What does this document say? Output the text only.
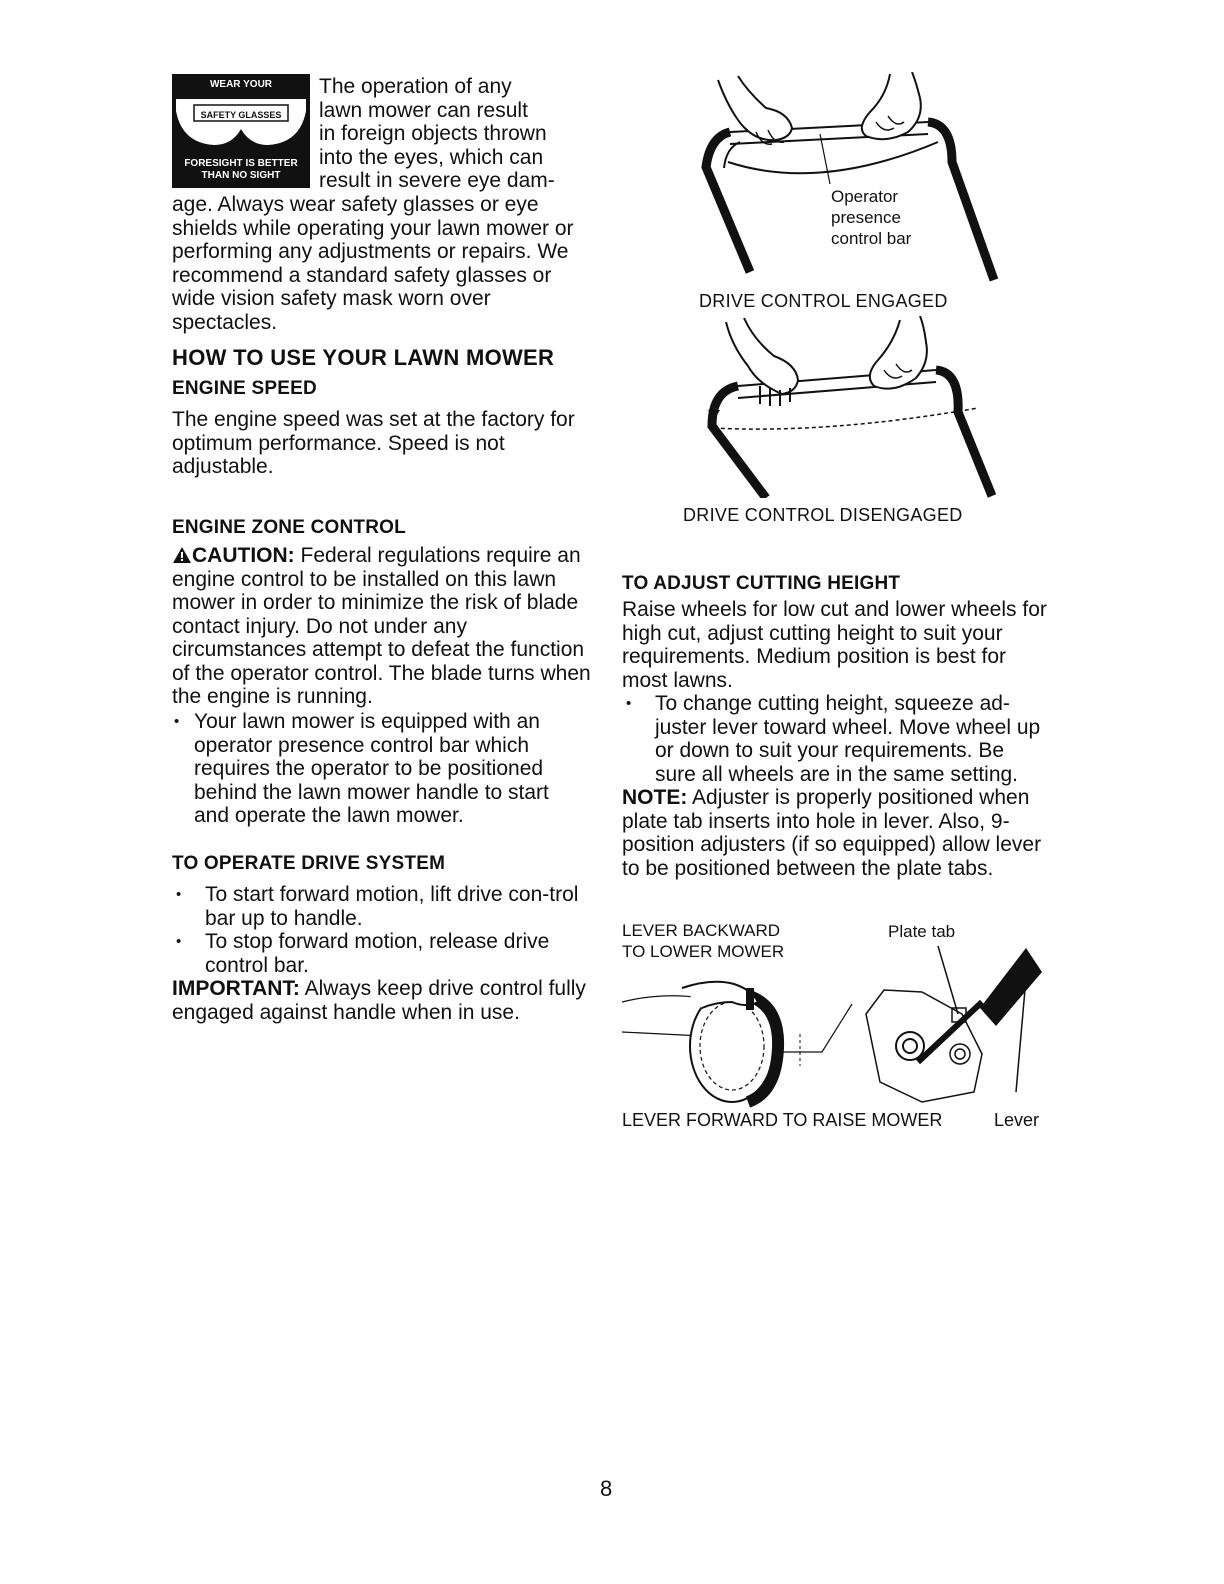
WEAR YOUR
SAFETY GLASSES
FORESIGHT IS BETTER
THAN NO SIGHT
The operation of any
lawn mower can result
in foreign objects thrown
into the eyes, which can
result in severe eye dam-
age. Always wear safety glasses or eye shields while operating your lawn mower or performing any adjustments or repairs. We recommend a standard safety glasses or wide vision safety mask worn over spectacles.
HOW TO USE YOUR LAWN MOWER
ENGINE SPEED
The engine speed was set at the factory for optimum performance. Speed is not adjustable.
ENGINE ZONE CONTROL
CAUTION: Federal regulations require an engine control to be installed on this lawn mower in order to minimize the risk of blade contact injury. Do not under any circumstances attempt to defeat the function of the operator control. The blade turns when the engine is running.
• Your lawn mower is equipped with an operator presence control bar which requires the operator to be positioned behind the lawn mower handle to start and operate the lawn mower.
TO OPERATE DRIVE SYSTEM
• To start forward motion, lift drive con-trol bar up to handle.
• To stop forward motion, release drive control bar.
IMPORTANT: Always keep drive control fully engaged against handle when in use.
Operator
presence
control bar
DRIVE CONTROL ENGAGED
DRIVE CONTROL DISENGAGED
TO ADJUST CUTTING HEIGHT
Raise wheels for low cut and lower wheels for high cut, adjust cutting height to suit your requirements. Medium position is best for most lawns.
• To change cutting height, squeeze ad-juster lever toward wheel. Move wheel up or down to suit your requirements. Be sure all wheels are in the same setting.
NOTE: Adjuster is properly positioned when plate tab inserts into hole in lever. Also, 9-position adjusters (if so equipped) allow lever to be positioned between the plate tabs.
LEVER BACKWARD
TO LOWER MOWER
Plate tab
LEVER FORWARD TO RAISE MOWER	Lever
8
